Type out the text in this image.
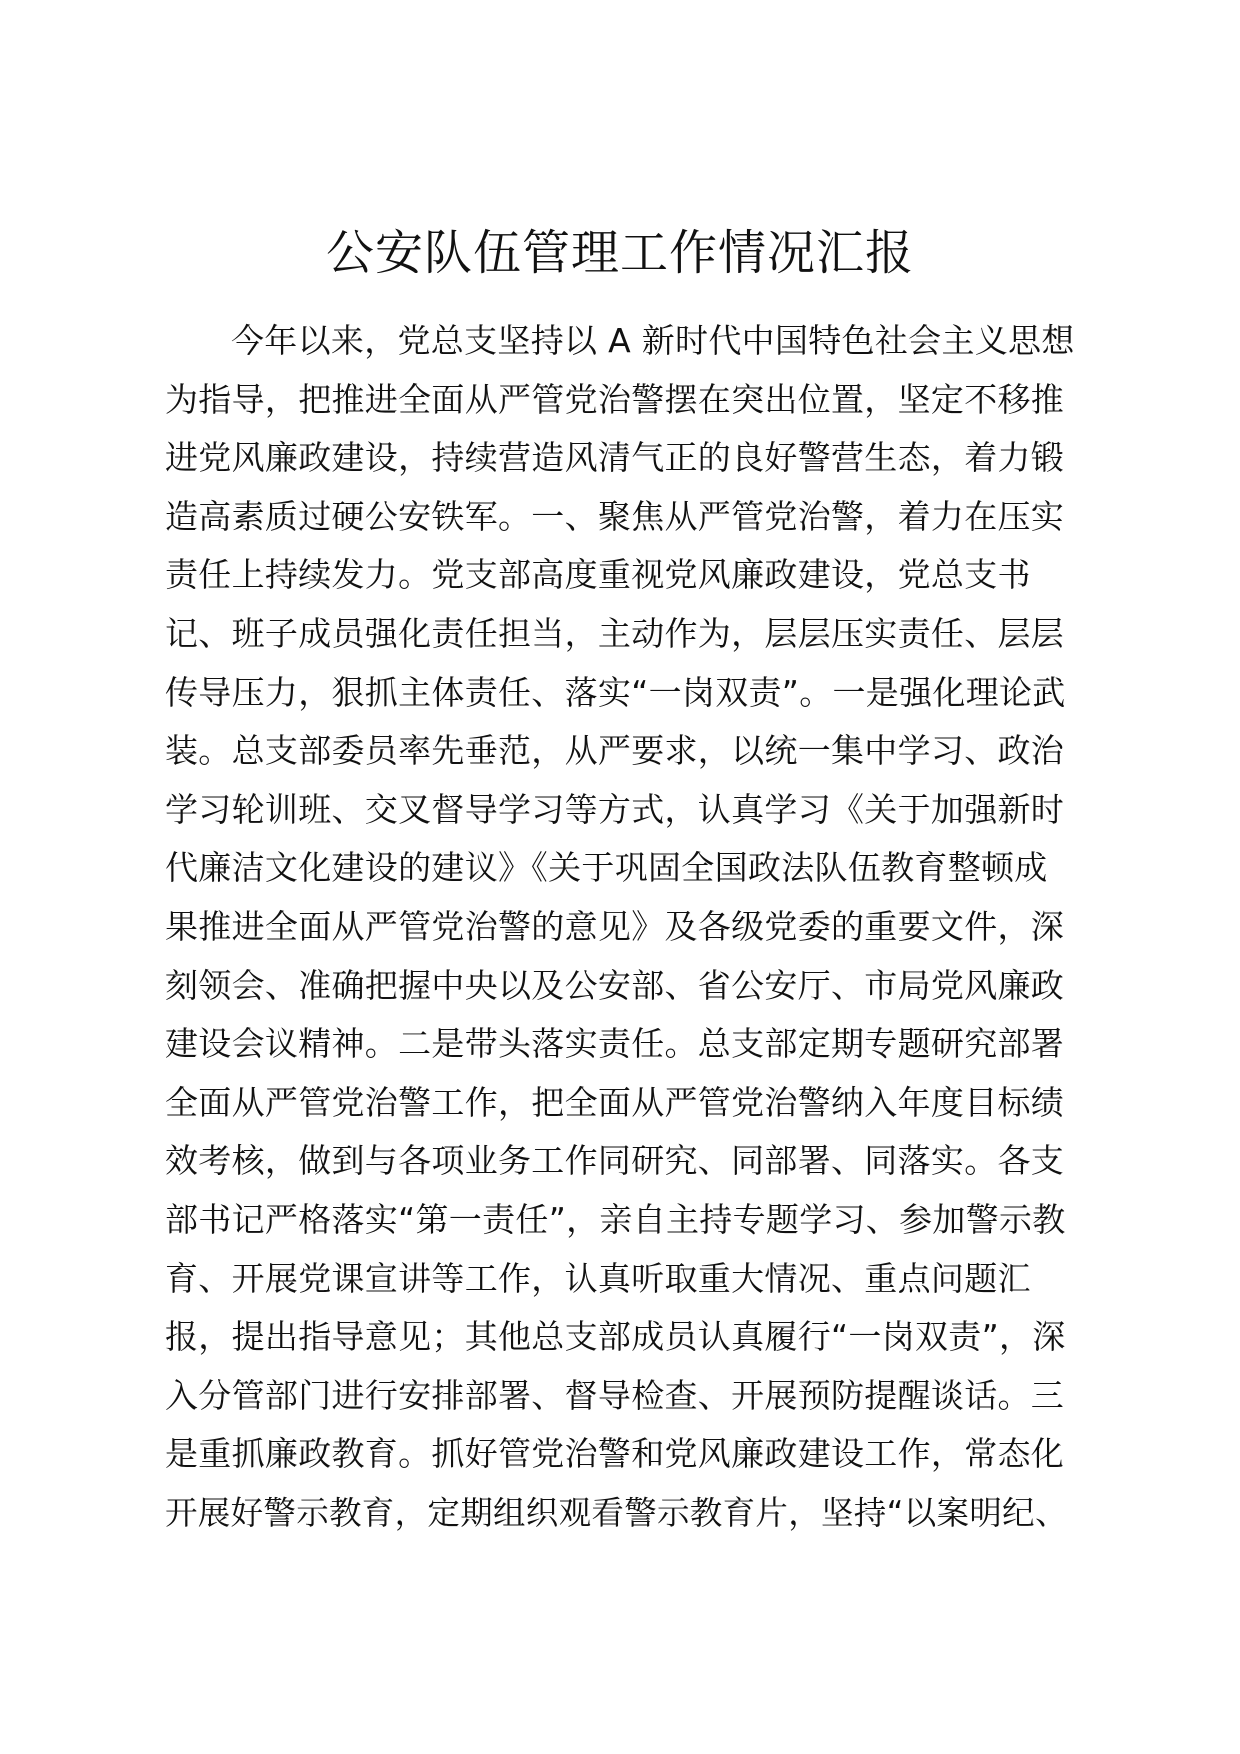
公安队伍管理工作情况汇报
今年以来，党总支坚持以 A 新时代中国特色社会主义思想
为指导，把推进全面从严管党治警摆在突出位置，坚定不移推
进党风廉政建设，持续营造风清气正的良好警营生态，着力锻
造高素质过硬公安铁军。一、聚焦从严管党治警，着力在压实
责任上持续发力。党支部高度重视党风廉政建设，党总支书
记、班子成员强化责任担当，主动作为，层层压实责任、层层
传导压力，狠抓主体责任、落实“一岗双责”。一是强化理论武
装。总支部委员率先垂范，从严要求，以统一集中学习、政治
学习轮训班、交叉督导学习等方式，认真学习《关于加强新时
代廉洁文化建设的建议》《关于巩固全国政法队伍教育整顿成
果推进全面从严管党治警的意见》及各级党委的重要文件，深
刻领会、准确把握中央以及公安部、省公安厅、市局党风廉政
建设会议精神。二是带头落实责任。总支部定期专题研究部署
全面从严管党治警工作，把全面从严管党治警纳入年度目标绩
效考核，做到与各项业务工作同研究、同部署、同落实。各支
部书记严格落实“第一责任”，亲自主持专题学习、参加警示教
育、开展党课宣讲等工作，认真听取重大情况、重点问题汇
报，提出指导意见；其他总支部成员认真履行“一岗双责”，深
入分管部门进行安排部署、督导检查、开展预防提醒谈话。三
是重抓廉政教育。抓好管党治警和党风廉政建设工作，常态化
开展好警示教育，定期组织观看警示教育片，坚持“以案明纪、
